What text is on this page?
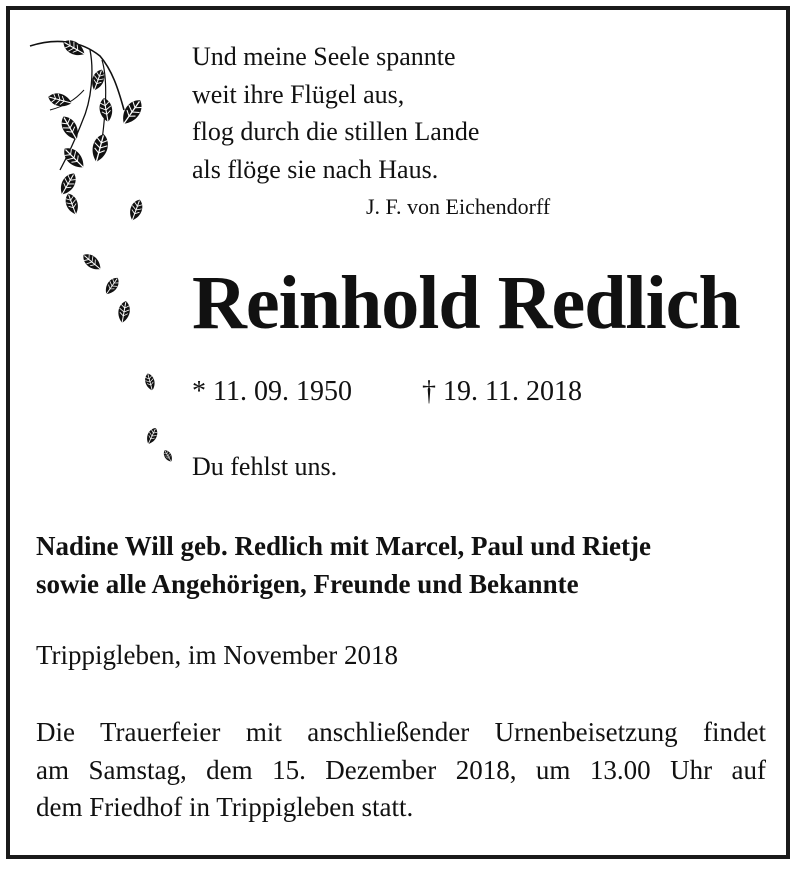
Und meine Seele spannte
weit ihre Flügel aus,
flog durch die stillen Lande
als flöge sie nach Haus.
J. F. von Eichendorff
Reinhold Redlich
* 11. 09. 1950	† 19. 11. 2018
Du fehlst uns.
Nadine Will geb. Redlich mit Marcel, Paul und Rietje
sowie alle Angehörigen, Freunde und Bekannte
Trippigleben, im November 2018
Die Trauerfeier mit anschließender Urnenbeisetzung findet
am Samstag, dem 15. Dezember 2018, um 13.00 Uhr auf
dem Friedhof in Trippigleben statt.
